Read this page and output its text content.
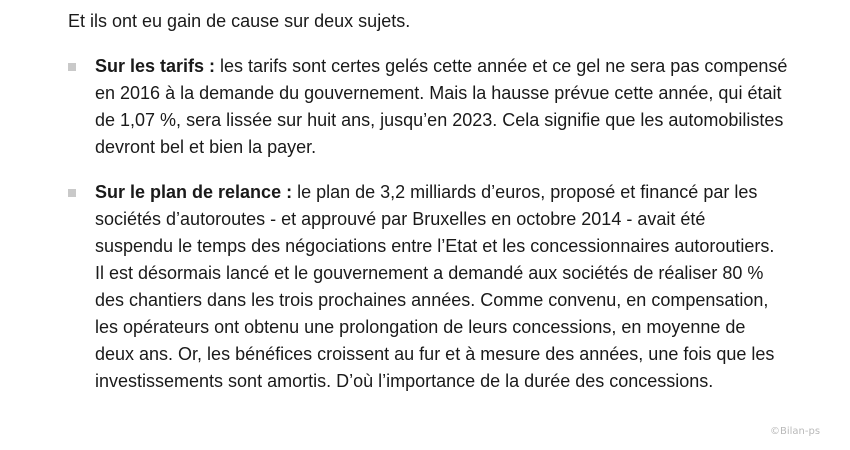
Et ils ont eu gain de cause sur deux sujets.

Sur les tarifs : les tarifs sont certes gelés cette année et ce gel ne sera pas compensé en 2016 à la demande du gouvernement. Mais la hausse prévue cette année, qui était de 1,07 %, sera lissée sur huit ans, jusqu’en 2023. Cela signifie que les automobilistes devront bel et bien la payer.
Sur le plan de relance : le plan de 3,2 milliards d’euros, proposé et financé par les sociétés d’autoroutes - et approuvé par Bruxelles en octobre 2014 - avait été suspendu le temps des négociations entre l’Etat et les concessionnaires autoroutiers. Il est désormais lancé et le gouvernement a demandé aux sociétés de réaliser 80 % des chantiers dans les trois prochaines années. Comme convenu, en compensation, les opérateurs ont obtenu une prolongation de leurs concessions, en moyenne de deux ans. Or, les bénéfices croissent au fur et à mesure des années, une fois que les investissements sont amortis. D’où l’importance de la durée des concessions.
©Bilan-ps
